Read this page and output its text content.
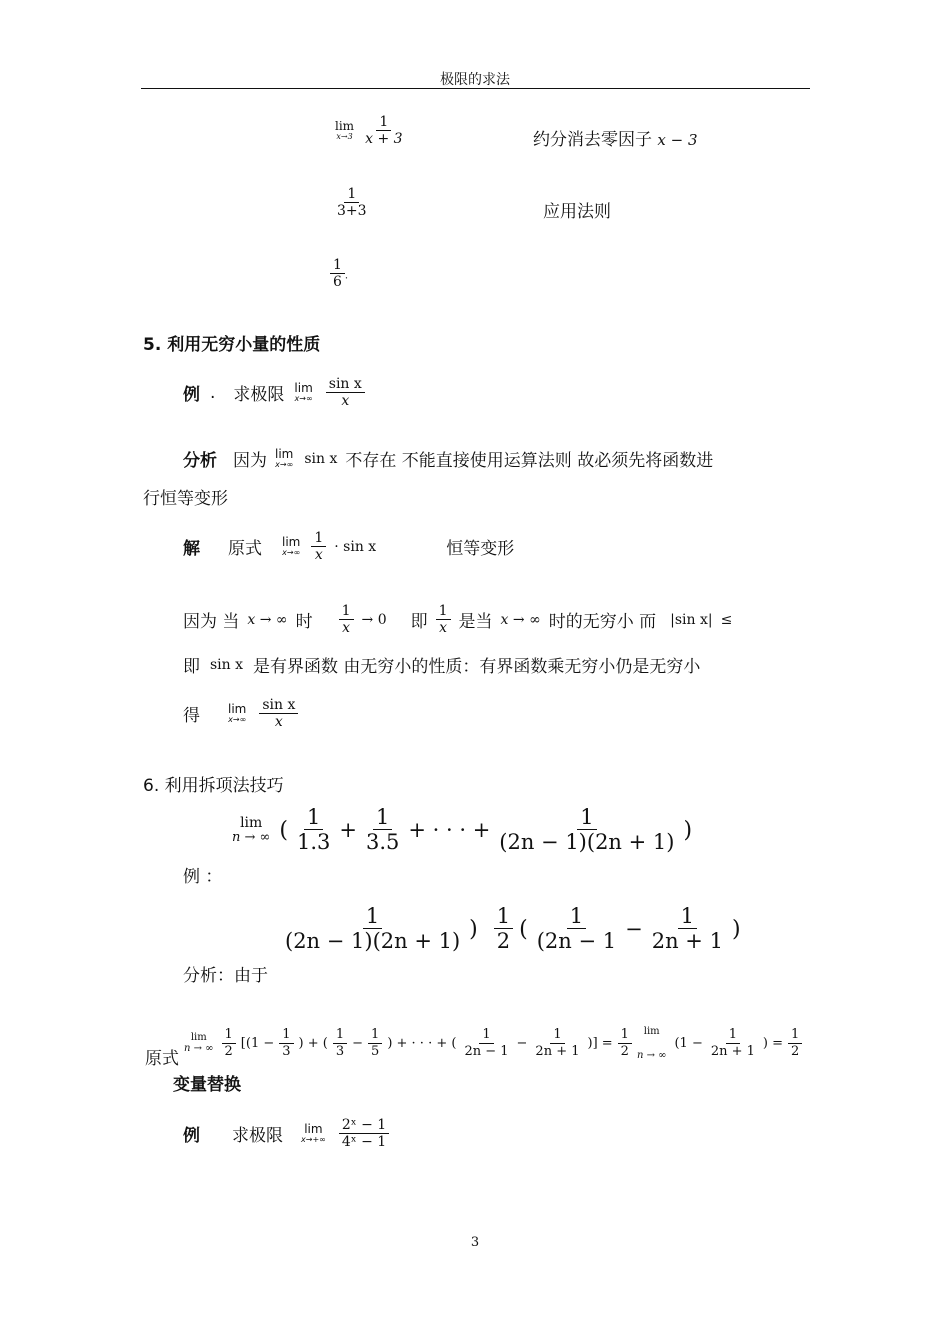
极限的求法
lim
x→3
$\frac{1}{x + 3}$	约分消去零因子 x − 3
$\frac{1}{3+3}$	应用法则
$\frac{1}{6}$ .
5. 利用无穷小量的性质
例 . 求极限 lim
$x\to\infty \frac{\text{sin x}}{x}$
分析 因为 lim
x→∞ sin x 不存在 不能直接使用运算法则 故必须先将函数进
行恒等变形
解 原式 lim
$x\to\infty \frac{1}{x} \cdot \sin x$	恒等变形
因为 当 x → ∞ 时 $\frac{1}{x} \to 0$ 即 $\frac{1}{x}$ 是当 x → ∞ 时的无穷小 而 |sin x| ≤
即 sin x 是有界函数 由无穷小的性质：有界函数乘无穷小仍是无穷小
得 lim
$x\to\infty \frac{\text{sin x}}{x}$
6. 利用拆项法技巧
lim
n → ∞ ( $\frac{1}{1.3} + \frac{1}{3.5}$ + · · · + $\frac{1}{(2n - 1)(2n + 1)}$ )
例 ：
$\frac{1}{(2n - 1)(2n + 1)}$ ) $\frac{1}{2}$ ( $\frac{1}{(2n - 1} - \frac{1}{2n + 1}$ )
分析：由于
原式
lim
n → ∞ $\frac{1}{2} [(1 - \frac{1}{3}$ ) + ( $\frac{1}{3} - \frac{1}{5}$ ) + · · · + ( $\frac{1}{2n - 1} - \frac{1}{2n + 1}$ )] = $\frac{1}{2}$ lim
n → ∞
($1 - \frac{1}{2n + 1}$ ) = $\frac{1}{2}$
变量替换
例 求极限 lim
$x\to+\infty \frac{\text{2ˣ − 1}}{\text{4ˣ − 1}}$
3
